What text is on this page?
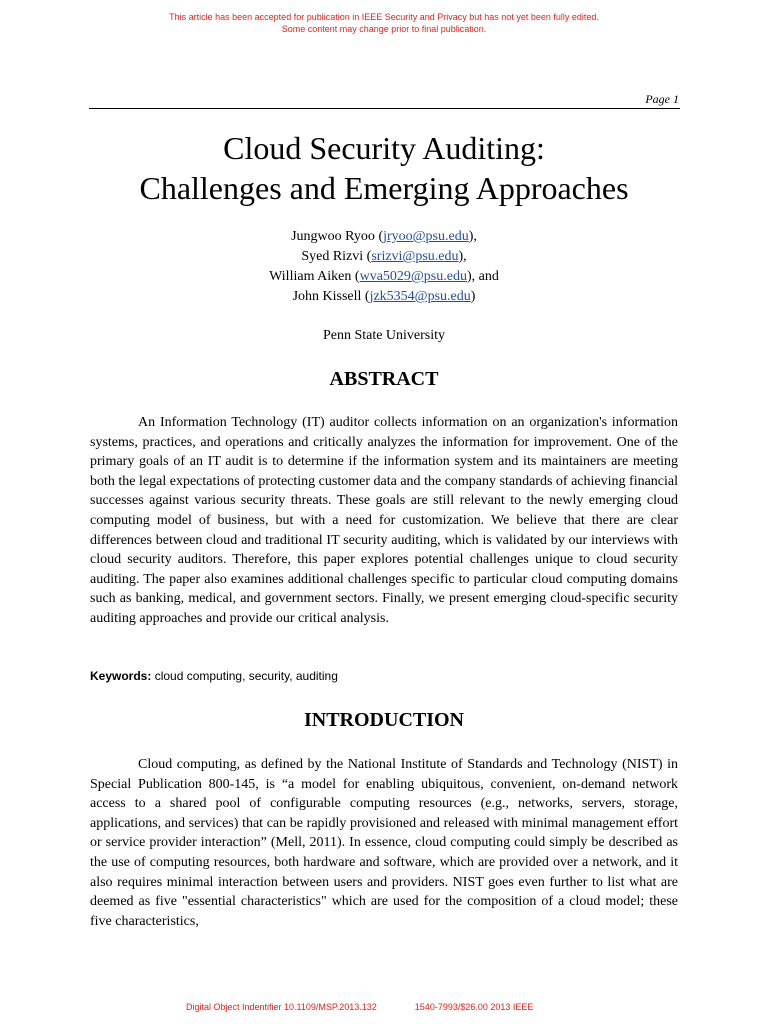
This article has been accepted for publication in IEEE Security and Privacy but has not yet been fully edited.
Some content may change prior to final publication.
Page 1
Cloud Security Auditing:
Challenges and Emerging Approaches
Jungwoo Ryoo (jryoo@psu.edu),
Syed Rizvi (srizvi@psu.edu),
William Aiken (wva5029@psu.edu), and
John Kissell (jzk5354@psu.edu)
Penn State University
ABSTRACT
An Information Technology (IT) auditor collects information on an organization's information systems, practices, and operations and critically analyzes the information for improvement. One of the primary goals of an IT audit is to determine if the information system and its maintainers are meeting both the legal expectations of protecting customer data and the company standards of achieving financial successes against various security threats. These goals are still relevant to the newly emerging cloud computing model of business, but with a need for customization. We believe that there are clear differences between cloud and traditional IT security auditing, which is validated by our interviews with cloud security auditors. Therefore, this paper explores potential challenges unique to cloud security auditing. The paper also examines additional challenges specific to particular cloud computing domains such as banking, medical, and government sectors. Finally, we present emerging cloud-specific security auditing approaches and provide our critical analysis.
Keywords: cloud computing, security, auditing
INTRODUCTION
Cloud computing, as defined by the National Institute of Standards and Technology (NIST) in Special Publication 800-145, is “a model for enabling ubiquitous, convenient, on-demand network access to a shared pool of configurable computing resources (e.g., networks, servers, storage, applications, and services) that can be rapidly provisioned and released with minimal management effort or service provider interaction” (Mell, 2011). In essence, cloud computing could simply be described as the use of computing resources, both hardware and software, which are provided over a network, and it also requires minimal interaction between users and providers. NIST goes even further to list what are deemed as five "essential characteristics" which are used for the composition of a cloud model; these five characteristics,
Digital Object Indentifier 10.1109/MSP.2013.132	1540-7993/$26.00 2013 IEEE
